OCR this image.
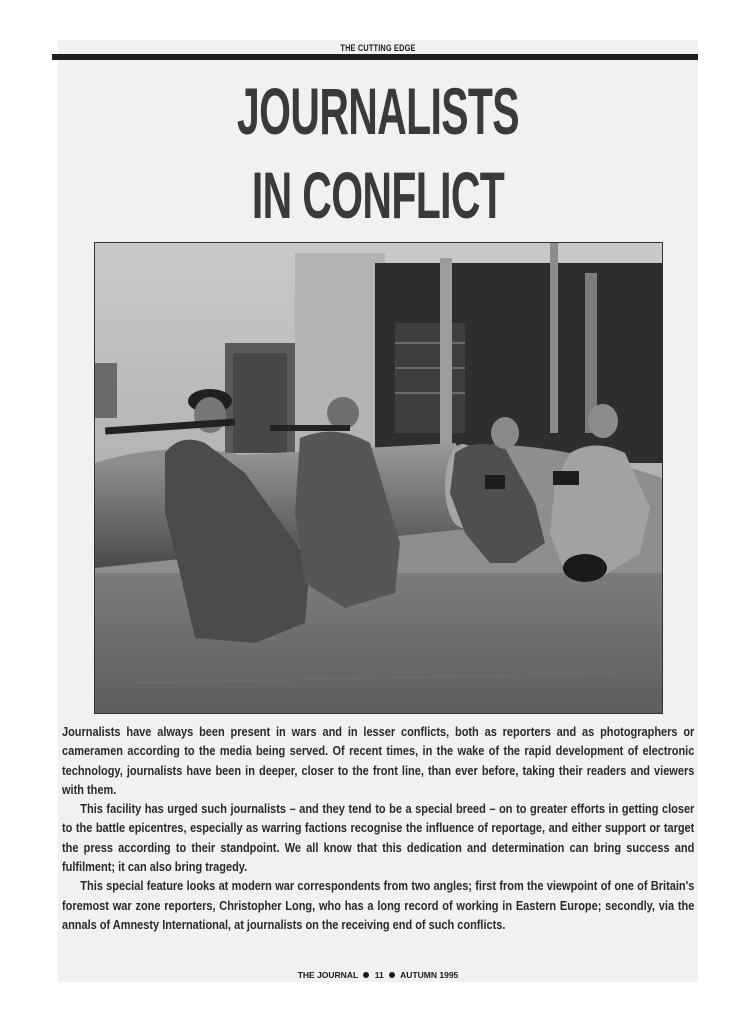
THE CUTTING EDGE
JOURNALISTS
IN CONFLICT

Journalists have always been present in wars and in lesser conflicts, both as reporters and as photographers or cameramen according to the media being served. Of recent times, in the wake of the rapid development of electronic technology, journalists have been in deeper, closer to the front line, than ever before, taking their readers and viewers with them.

This facility has urged such journalists – and they tend to be a special breed – on to greater efforts in getting closer to the battle epicentres, especially as warring factions recognise the influence of reportage, and either support or target the press according to their standpoint. We all know that this dedication and determination can bring success and fulfilment; it can also bring tragedy.

This special feature looks at modern war correspondents from two angles; first from the viewpoint of one of Britain's foremost war zone reporters, Christopher Long, who has a long record of working in Eastern Europe; secondly, via the annals of Amnesty International, at journalists on the receiving end of such conflicts.

THE JOURNAL 11 AUTUMN 1995
